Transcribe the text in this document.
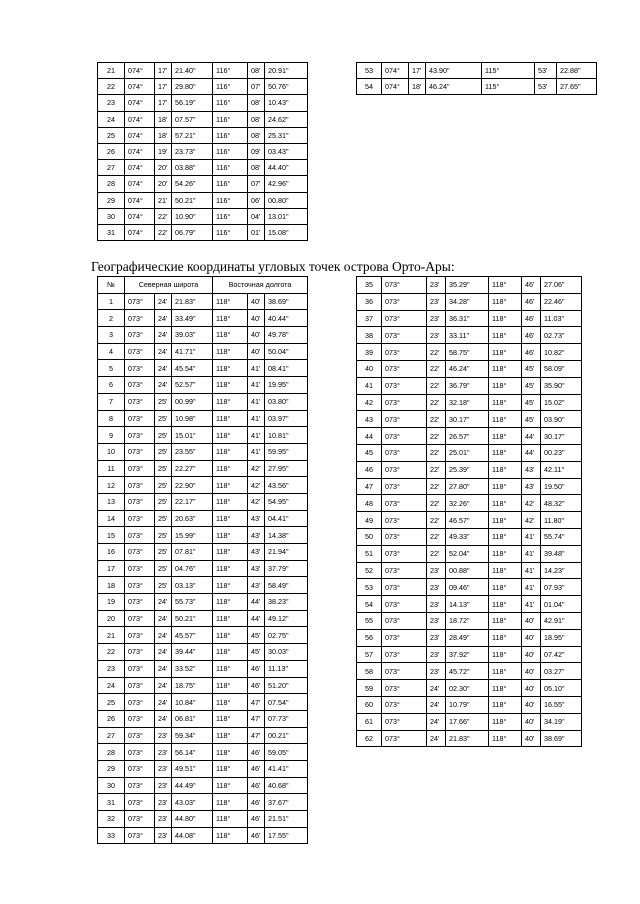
21	074°	17'	21.40"	116°	08'	20.91"
22	074°	17'	29.80"	116°	07'	50.76"
23	074°	17'	56.19"	116°	08'	10.43"
24	074°	18'	07.57"	116°	08'	24.62"
25	074°	18'	57.21"	116°	08'	25.31"
26	074°	19'	23.73"	116°	09'	03.43"
27	074°	20'	03.88"	116°	08'	44.40"
28	074°	20'	54.26"	116°	07'	42.96"
29	074°	21'	50.21"	116°	06'	00.80"
30	074°	22'	10.90"	116°	04'	13.01"
31	074°	22'	06.79"	116°	01'	15.08"
53	074°	17'	43.90"	115°	53'	22.88"
54	074°	18'	46.24"	115°	53'	27.65"
Географические координаты угловых точек острова Орто-Ары:
№	Северная широта			Восточная долгота		
1	073°	24'	21.83"	118°	40'	38.69"
2	073°	24'	33.49"	118°	40'	40.44"
3	073°	24'	39.03"	118°	40'	49.78"
4	073°	24'	41.71"	118°	40'	50.04"
5	073°	24'	45.54"	118°	41'	08.41"
6	073°	24'	52.57"	118°	41'	19.95"
7	073°	25'	00.99"	118°	41'	03.80"
8	073°	25'	10.98"	118°	41'	03.97"
9	073°	25'	15.01"	118°	41'	10.81"
10	073°	25'	23.55"	118°	41'	59.95"
11	073°	25'	22.27"	118°	42'	27.95"
12	073°	25'	22.90"	118°	42'	43.56"
13	073°	25'	22.17"	118°	42'	54.95"
14	073°	25'	20.63"	118°	43'	04.41"
15	073°	25'	15.99"	118°	43'	14.38"
16	073°	25'	07.81"	118°	43'	21.94"
17	073°	25'	04.76"	118°	43'	37.79"
18	073°	25'	03.13"	118°	43'	58.49"
19	073°	24'	55.73"	118°	44'	38.23"
20	073°	24'	50.21"	118°	44'	49.12"
21	073°	24'	45.57"	118°	45'	02.75"
22	073°	24'	39.44"	118°	45'	30.03"
23	073°	24'	33.52"	118°	46'	11.13"
24	073°	24'	18.75"	118°	46'	51.20"
25	073°	24'	10.84"	118°	47'	07.54"
26	073°	24'	06.81"	118°	47'	07.73"
27	073°	23'	59.34"	118°	47'	00.21"
28	073°	23'	56.14"	118°	46'	59.05"
29	073°	23'	49.51"	118°	46'	41.41"
30	073°	23'	44.49"	118°	46'	40.68"
31	073°	23'	43.03"	118°	46'	37.67"
32	073°	23'	44.80"	118°	46'	21.51"
33	073°	23'	44.08"	118°	46'	17.55"
35	073°	23'	35.29"	118°	46'	27.06"
36	073°	23'	34.28"	118°	46'	22.46"
37	073°	23'	36.31"	118°	46'	11.03"
38	073°	23'	33.11"	118°	46'	02.73"
39	073°	22'	58.75"	118°	46'	10.82"
40	073°	22'	46.24"	118°	45'	58.09"
41	073°	22'	36.79"	118°	45'	35.90"
42	073°	22'	32.18"	118°	45'	15.02"
43	073°	22'	30.17"	118°	45'	03.90"
44	073°	22'	26.57"	118°	44'	30.17"
45	073°	22'	25.01"	118°	44'	00.23"
46	073°	22'	25.39"	118°	43'	42.11"
47	073°	22'	27.80"	118°	43'	19.50"
48	073°	22'	32.26"	118°	42'	48.32"
49	073°	22'	46.57"	118°	42'	11.80"
50	073°	22'	49.33"	118°	41'	55.74"
51	073°	22'	52.04"	118°	41'	39.48"
52	073°	23'	00.88"	118°	41'	14.23"
53	073°	23'	09.46"	118°	41'	07.93"
54	073°	23'	14.13"	118°	41'	01.04"
55	073°	23'	18.72"	118°	40'	42.91"
56	073°	23'	28.49"	118°	40'	18.95"
57	073°	23'	37.92"	118°	40'	07.42"
58	073°	23'	45.72"	118°	40'	03.27"
59	073°	24'	02.30"	118°	40'	05.10"
60	073°	24'	10.79"	118°	40'	16.55"
61	073°	24'	17.66"	118°	40'	34.19"
62	073°	24'	21.83"	118°	40'	38.69"
